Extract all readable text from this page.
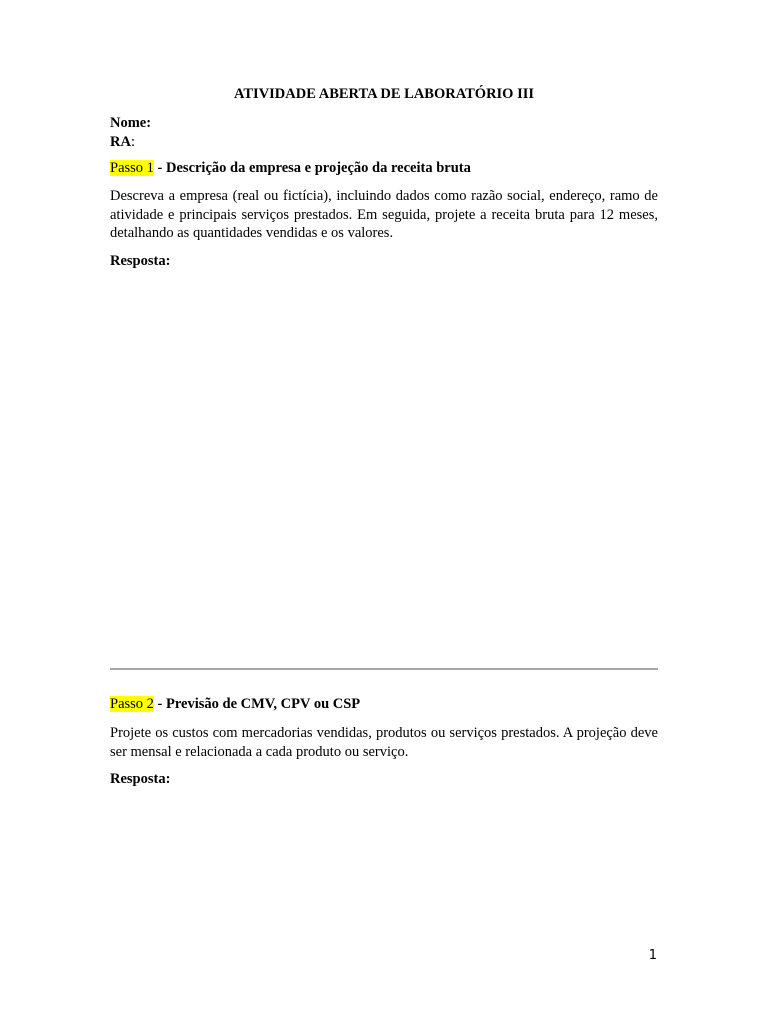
ATIVIDADE ABERTA DE LABORATÓRIO III
Nome:
RA:
Passo 1 - Descrição da empresa e projeção da receita bruta
Descreva a empresa (real ou fictícia), incluindo dados como razão social, endereço, ramo de atividade e principais serviços prestados. Em seguida, projete a receita bruta para 12 meses, detalhando as quantidades vendidas e os valores.
Resposta:
Passo 2 - Previsão de CMV, CPV ou CSP
Projete os custos com mercadorias vendidas, produtos ou serviços prestados. A projeção deve ser mensal e relacionada a cada produto ou serviço.
Resposta:
1
